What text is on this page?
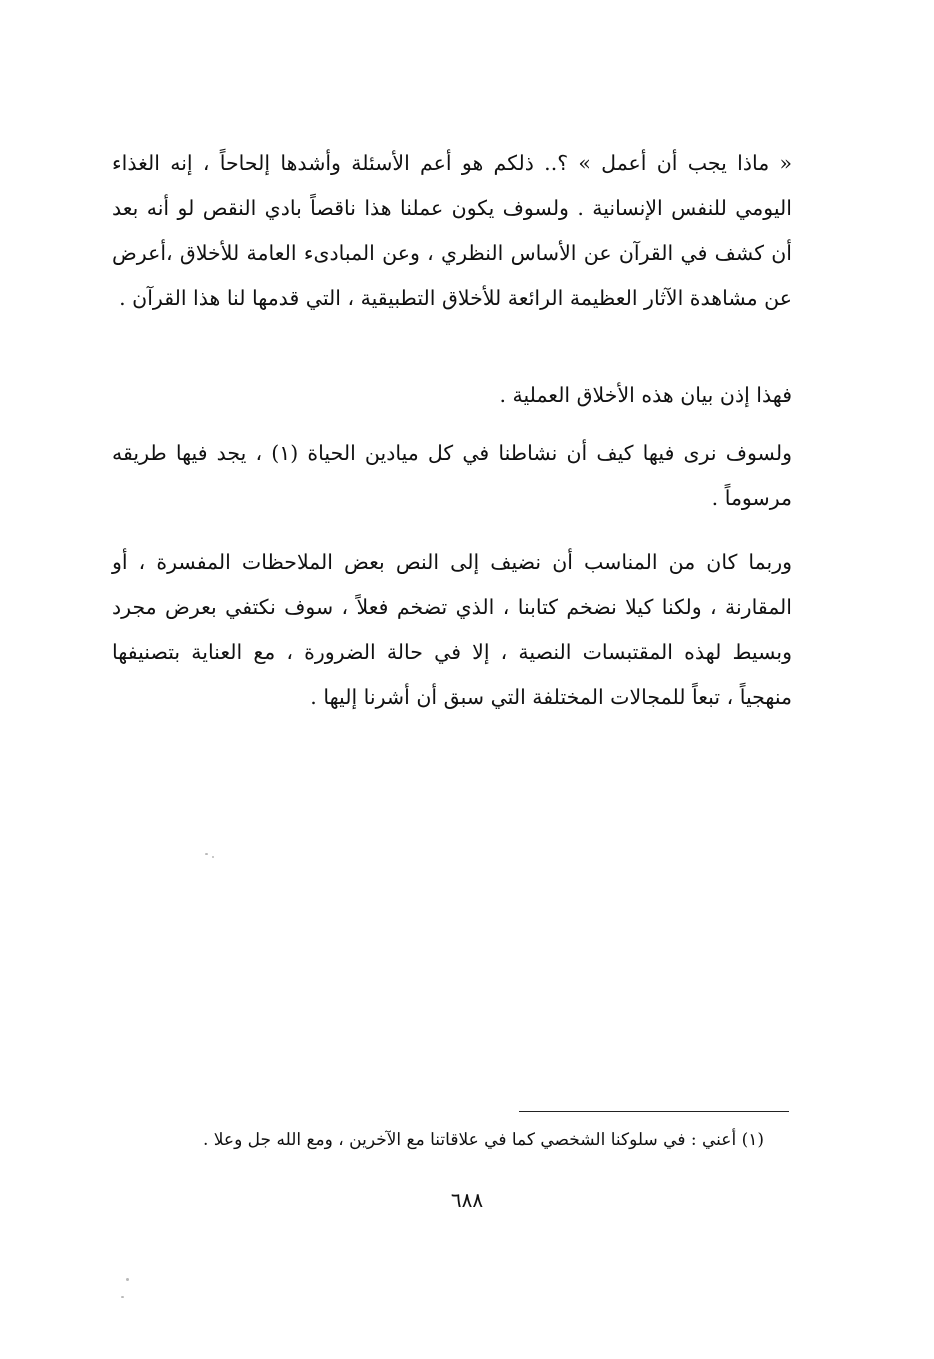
« ماذا يجب أن أعمل » ؟.. ذلكم هو أعم الأسئلة وأشدها إلحاحاً ، إنه الغذاء اليومي للنفس الإنسانية . ولسوف يكون عملنا هذا ناقصاً بادي النقص لو أنه بعد أن كشف في القرآن عن الأساس النظري ، وعن المبادىء العامة للأخلاق ،أعرض عن مشاهدة الآثار العظيمة الرائعة للأخلاق التطبيقية ، التي قدمها لنا هذا القرآن .

فهذا إذن بيان هذه الأخلاق العملية .

ولسوف نرى فيها كيف أن نشاطنا في كل ميادين الحياة (١) ، يجد فيها طريقه مرسوماً .

وربما كان من المناسب أن نضيف إلى النص بعض الملاحظات المفسرة ، أو المقارنة ، ولكنا كيلا نضخم كتابنا ، الذي تضخم فعلاً ، سوف نكتفي بعرض مجرد وبسيط لهذه المقتبسات النصية ، إلا في حالة الضرورة ، مع العناية بتصنيفها منهجياً ، تبعاً للمجالات المختلفة التي سبق أن أشرنا إليها .

(١) أعني : في سلوكنا الشخصي كما في علاقاتنا مع الآخرين ، ومع الله جل وعلا .

٦٨٨
